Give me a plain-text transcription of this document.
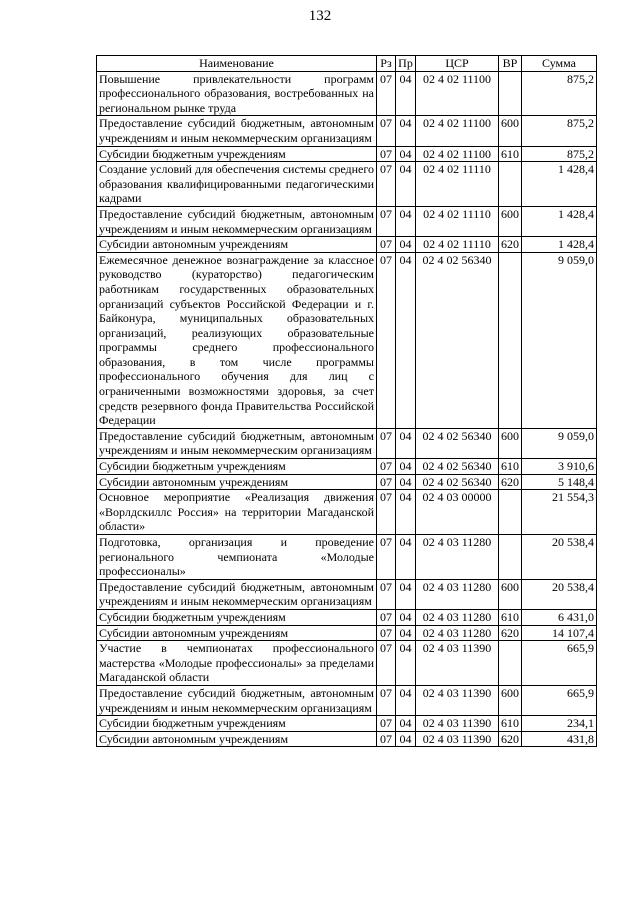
132
Наименование	Рз	Пр	ЦСР	ВР	Сумма
Повышение привлекательности программ профессионального образования, востребованных на региональном рынке труда	07	04	02 4 02 11100		875,2
Предоставление субсидий бюджетным, автономным учреждениям и иным некоммерческим организациям	07	04	02 4 02 11100	600	875,2
Субсидии бюджетным учреждениям	07	04	02 4 02 11100	610	875,2
Создание условий для обеспечения системы среднего образования квалифицированными педагогическими кадрами	07	04	02 4 02 11110		1 428,4
Предоставление субсидий бюджетным, автономным учреждениям и иным некоммерческим организациям	07	04	02 4 02 11110	600	1 428,4
Субсидии автономным учреждениям	07	04	02 4 02 11110	620	1 428,4
Ежемесячное денежное вознаграждение за классное руководство (кураторство) педагогическим работникам государственных образовательных организаций субъектов Российской Федерации и г. Байконура, муниципальных образовательных организаций, реализующих образовательные программы среднего профессионального образования, в том числе программы профессионального обучения для лиц с ограниченными возможностями здоровья, за счет средств резервного фонда Правительства Российской Федерации	07	04	02 4 02 56340		9 059,0
Предоставление субсидий бюджетным, автономным учреждениям и иным некоммерческим организациям	07	04	02 4 02 56340	600	9 059,0
Субсидии бюджетным учреждениям	07	04	02 4 02 56340	610	3 910,6
Субсидии автономным учреждениям	07	04	02 4 02 56340	620	5 148,4
Основное мероприятие «Реализация движения «Ворлдскиллс Россия» на территории Магаданской области»	07	04	02 4 03 00000		21 554,3
Подготовка, организация и проведение регионального чемпионата «Молодые профессионалы»	07	04	02 4 03 11280		20 538,4
Предоставление субсидий бюджетным, автономным учреждениям и иным некоммерческим организациям	07	04	02 4 03 11280	600	20 538,4
Субсидии бюджетным учреждениям	07	04	02 4 03 11280	610	6 431,0
Субсидии автономным учреждениям	07	04	02 4 03 11280	620	14 107,4
Участие в чемпионатах профессионального мастерства «Молодые профессионалы» за пределами Магаданской области	07	04	02 4 03 11390		665,9
Предоставление субсидий бюджетным, автономным учреждениям и иным некоммерческим организациям	07	04	02 4 03 11390	600	665,9
Субсидии бюджетным учреждениям	07	04	02 4 03 11390	610	234,1
Субсидии автономным учреждениям	07	04	02 4 03 11390	620	431,8
